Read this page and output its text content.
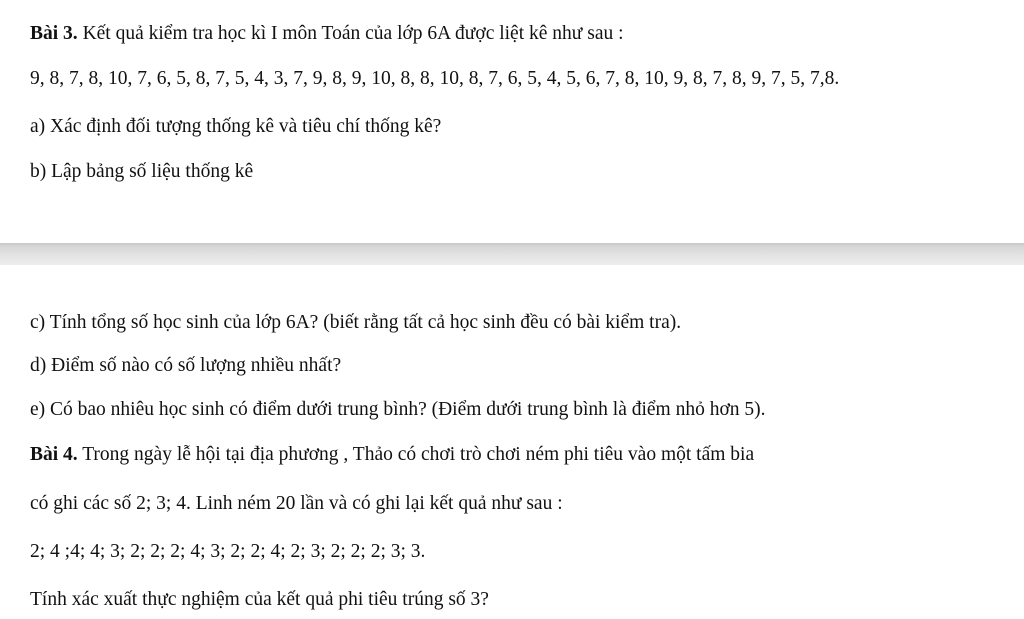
Bài 3. Kết quả kiểm tra học kì I môn Toán của lớp 6A được liệt kê như sau :
9, 8, 7, 8, 10, 7, 6, 5, 8, 7, 5, 4, 3, 7, 9, 8, 9, 10, 8, 8, 10, 8, 7, 6, 5, 4, 5, 6, 7, 8, 10, 9, 8, 7, 8, 9, 7, 5, 7,8.
a) Xác định đối tượng thống kê và tiêu chí thống kê?
b) Lập bảng số liệu thống kê
c) Tính tổng số học sinh của lớp 6A? (biết rằng tất cả học sinh đều có bài kiểm tra).
d) Điểm số nào có số lượng nhiều nhất?
e) Có bao nhiêu học sinh có điểm dưới trung bình? (Điểm dưới trung bình là điểm nhỏ hơn 5).
Bài 4. Trong ngày lễ hội tại địa phương , Thảo có chơi trò chơi ném phi tiêu vào một tấm bia
có ghi các số 2; 3; 4. Linh ném 20 lần và có ghi lại kết quả như sau :
2; 4 ;4; 4; 3; 2; 2; 2; 4; 3; 2; 2; 4; 2; 3; 2; 2; 2; 3; 3.
Tính xác xuất thực nghiệm của kết quả phi tiêu trúng số 3?
